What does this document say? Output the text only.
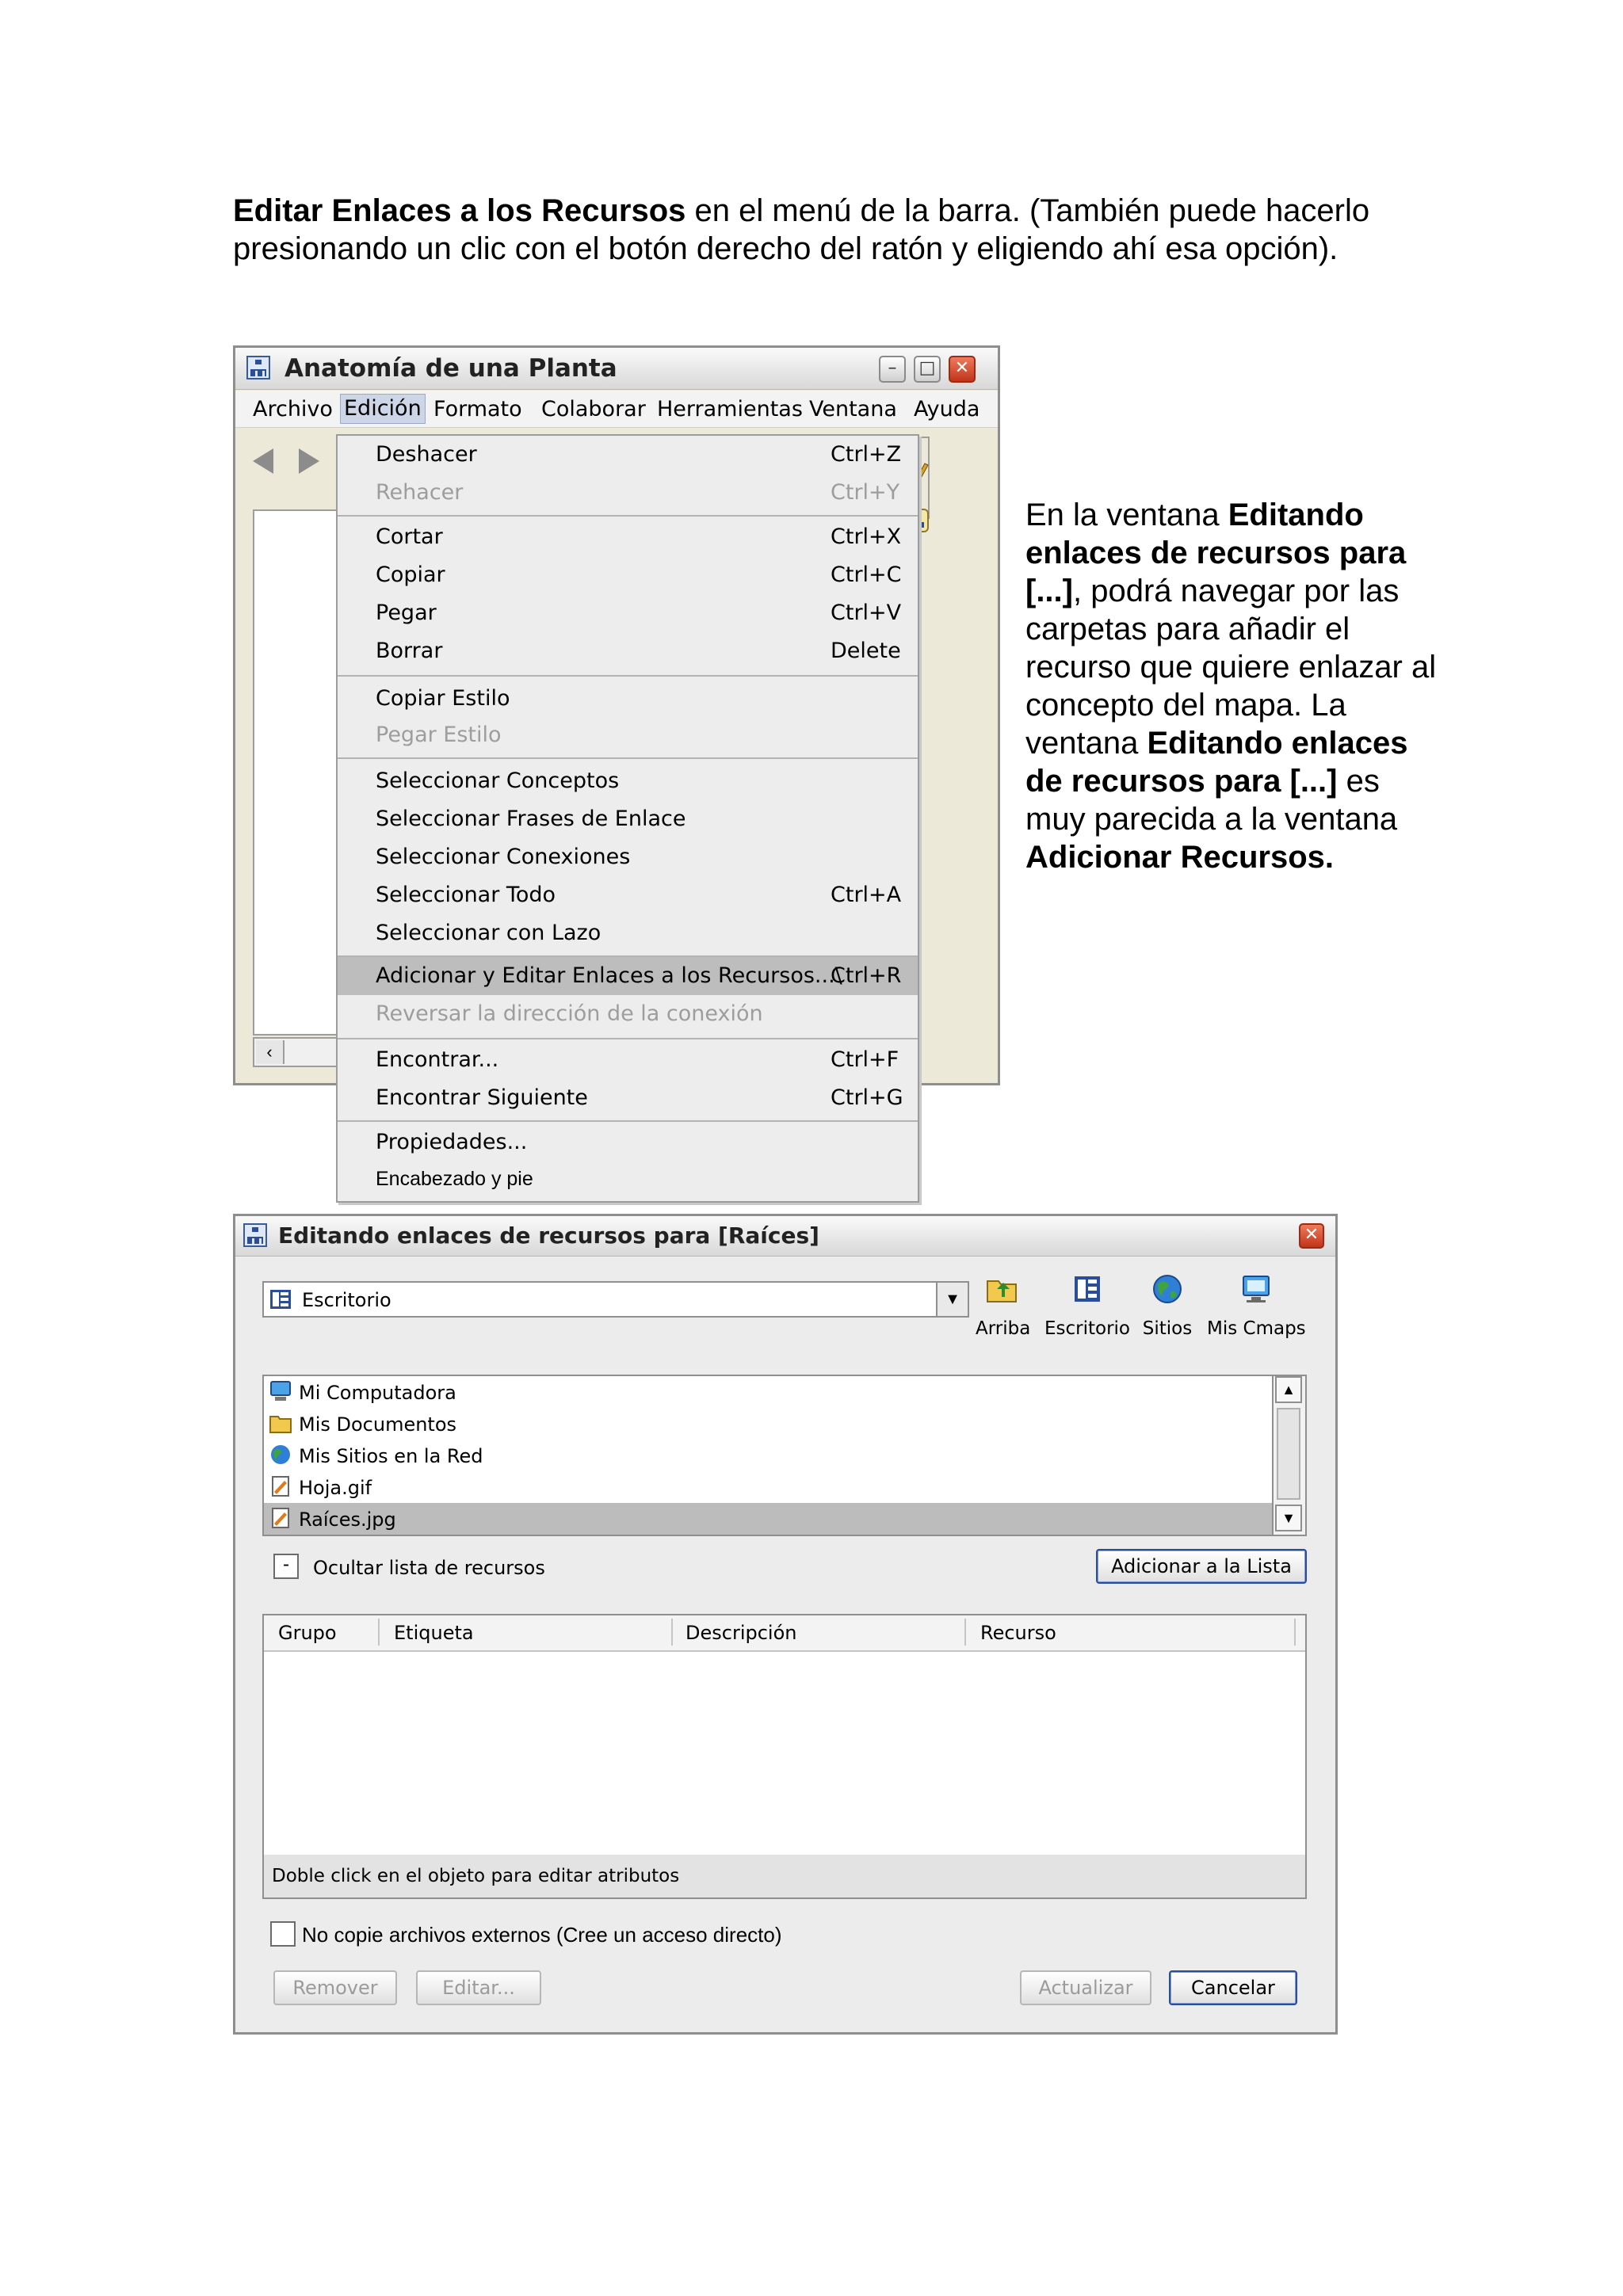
Editar Enlaces a los Recursos en el menú de la barra. (También puede hacerlo presionando un clic con el botón derecho del ratón y eligiendo ahí esa opción).

Anatomía de una Planta	–	□	✕
Archivo Edición Formato Colaborar Herramientas Ventana Ayuda
‹
Deshacer	Ctrl+Z
Rehacer	Ctrl+Y
Cortar	Ctrl+X
Copiar	Ctrl+C
Pegar	Ctrl+V
Borrar	Delete
Copiar Estilo
Pegar Estilo
Seleccionar Conceptos
Seleccionar Frases de Enlace
Seleccionar Conexiones
Seleccionar Todo	Ctrl+A
Seleccionar con Lazo
Adicionar y Editar Enlaces a los Recursos...\
Ctrl+R
Reversar la dirección de la conexión
Encontrar...	Ctrl+F
Encontrar Siguiente	Ctrl+G
Propiedades...
Encabezado y pie

En la ventana Editando enlaces de recursos para [...], podrá navegar por las carpetas para añadir el recurso que quiere enlazar al concepto del mapa. La ventana Editando enlaces de recursos para [...] es muy parecida a la ventana Adicionar Recursos.

Editando enlaces de recursos para [Raíces]	✕
Escritorio	▼
Arriba Escritorio Sitios Mis Cmaps
Mi Computadora
Mis Documentos
Mis Sitios en la Red
Hoja.gif
Raíces.jpg
▲
▼
-	Ocultar lista de recursos	Adicionar a la Lista
Grupo	Etiqueta	Descripción	Recurso
Doble click en el objeto para editar atributos
No copie archivos externos (Cree un acceso directo)
Remover	Editar...	Actualizar	Cancelar
